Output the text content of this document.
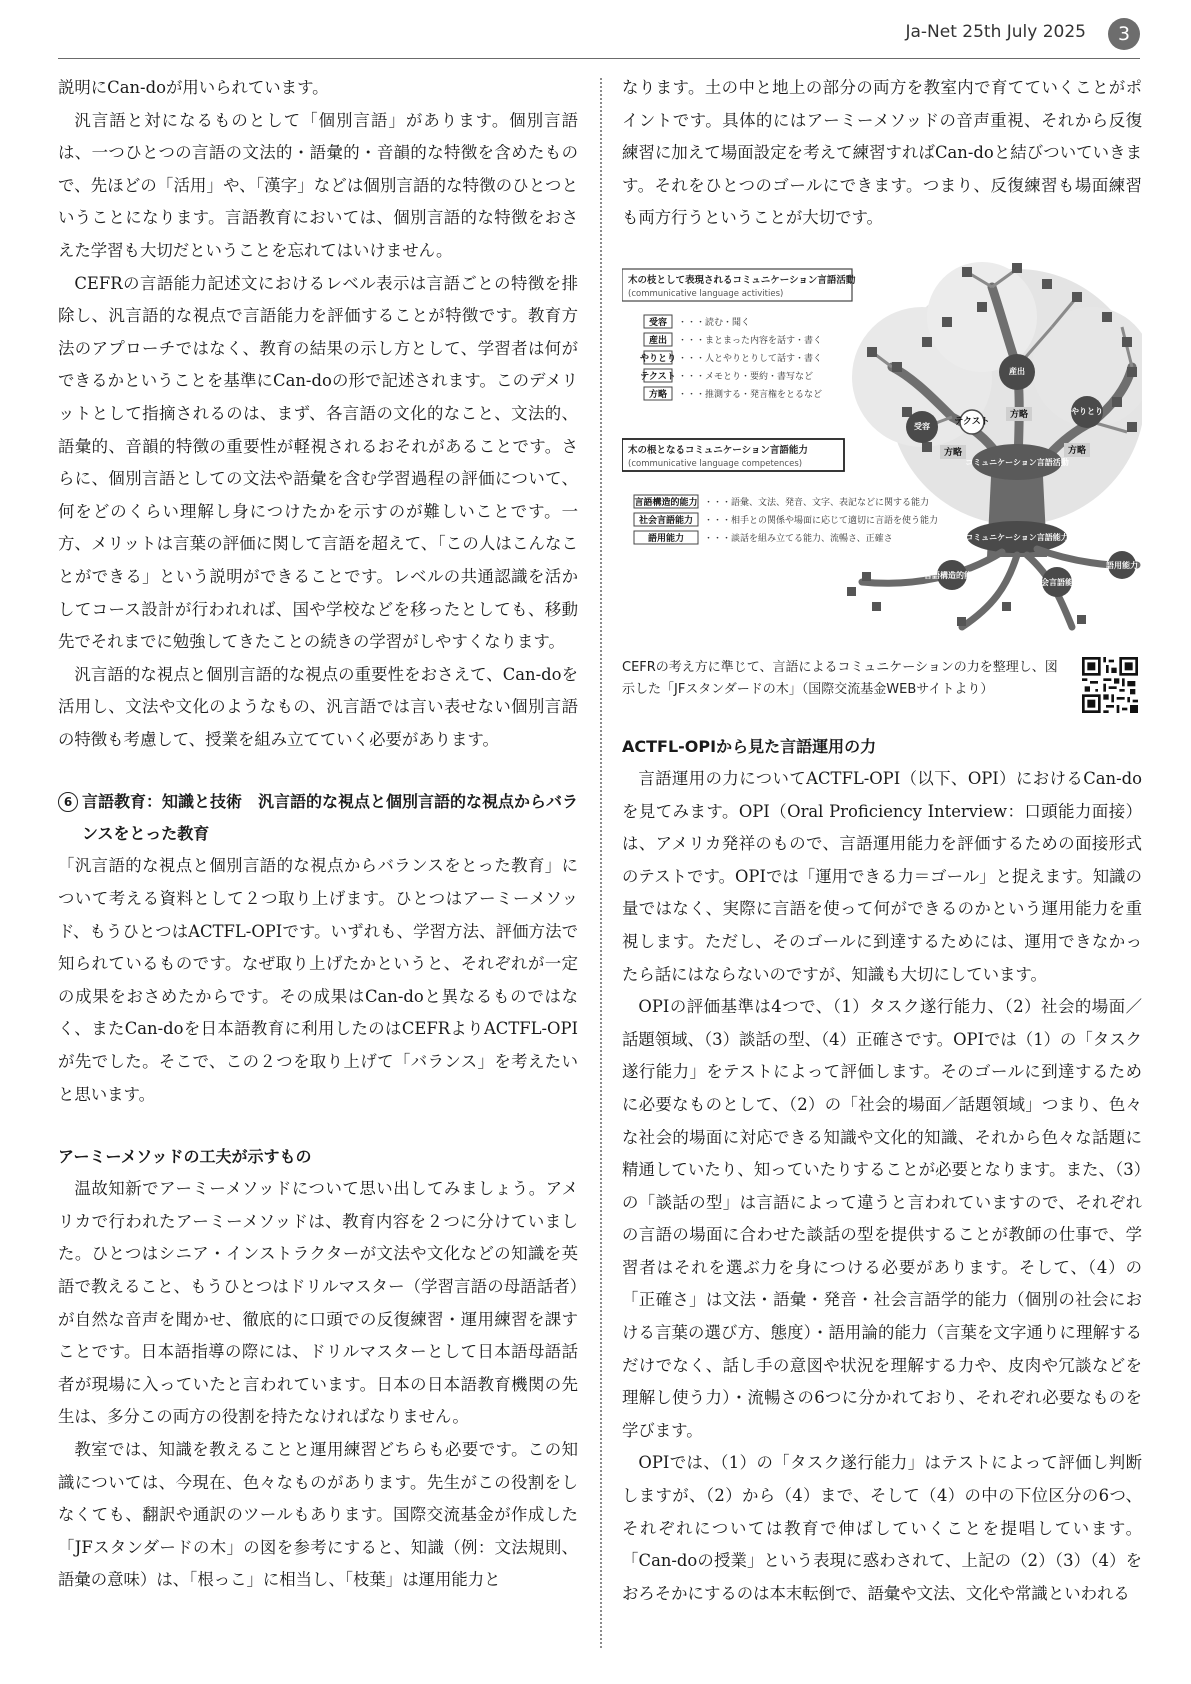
Ja-Net 25th July 2025	3

説明にCan-doが用いられています。

汎言語と対になるものとして「個別言語」があります。個別言語は、一つひとつの言語の文法的・語彙的・音韻的な特徴を含めたもので、先ほどの「活用」や、「漢字」などは個別言語的な特徴のひとつということになります。言語教育においては、個別言語的な特徴をおさえた学習も大切だということを忘れてはいけません。

CEFRの言語能力記述文におけるレベル表示は言語ごとの特徴を排除し、汎言語的な視点で言語能力を評価することが特徴です。教育方法のアプローチではなく、教育の結果の示し方として、学習者は何ができるかということを基準にCan-doの形で記述されます。このデメリットとして指摘されるのは、まず、各言語の文化的なこと、文法的、語彙的、音韻的特徴の重要性が軽視されるおそれがあることです。さらに、個別言語としての文法や語彙を含む学習過程の評価について、何をどのくらい理解し身につけたかを示すのが難しいことです。一方、メリットは言葉の評価に関して言語を超えて、「この人はこんなことができる」という説明ができることです。レベルの共通認識を活かしてコース設計が行われれば、国や学校などを移ったとしても、移動先でそれまでに勉強してきたことの続きの学習がしやすくなります。

汎言語的な視点と個別言語的な視点の重要性をおさえて、Can-doを活用し、文法や文化のようなもの、汎言語では言い表せない個別言語の特徴も考慮して、授業を組み立てていく必要があります。

6 言語教育：知識と技術　汎言語的な視点と個別言語的な視点からバランスをとった教育

「汎言語的な視点と個別言語的な視点からバランスをとった教育」について考える資料として２つ取り上げます。ひとつはアーミーメソッド、もうひとつはACTFL-OPIです。いずれも、学習方法、評価方法で知られているものです。なぜ取り上げたかというと、それぞれが一定の成果をおさめたからです。その成果はCan-doと異なるものではなく、またCan-doを日本語教育に利用したのはCEFRよりACTFL-OPIが先でした。そこで、この２つを取り上げて「バランス」を考えたいと思います。

アーミーメソッドの工夫が示すもの

温故知新でアーミーメソッドについて思い出してみましょう。アメリカで行われたアーミーメソッドは、教育内容を２つに分けていました。ひとつはシニア・インストラクターが文法や文化などの知識を英語で教えること、もうひとつはドリルマスター（学習言語の母語話者）が自然な音声を聞かせ、徹底的に口頭での反復練習・運用練習を課すことです。日本語指導の際には、ドリルマスターとして日本語母語話者が現場に入っていたと言われています。日本の日本語教育機関の先生は、多分この両方の役割を持たなければなりません。

教室では、知識を教えることと運用練習どちらも必要です。この知識については、今現在、色々なものがあります。先生がこの役割をしなくても、翻訳や通訳のツールもあります。国際交流基金が作成した「JFスタンダードの木」の図を参考にすると、知識（例：文法規則、語彙の意味）は、「根っこ」に相当し、「枝葉」は運用能力と

なります。土の中と地上の部分の両方を教室内で育てていくことがポイントです。具体的にはアーミーメソッドの音声重視、それから反復練習に加えて場面設定を考えて練習すればCan-doと結びついていきます。それをひとつのゴールにできます。つまり、反復練習も場面練習も両方行うということが大切です。

受容
産出
やりとり
テクスト
方略	方略
方略
コミュニケーション言語活動
コミュニケーション言語能力
言語構造的能力
社会言語能力
語用能力
木の枝として表現されるコミュニケーション言語活動
(communicative language activities)
受容 ・・・読む・聞く
産出 ・・・まとまった内容を話す・書く
やりとり ・・・人とやりとりして話す・書く
テクスト ・・・メモとり・要約・書写など
方略 ・・・推測する・発言権をとるなど
木の根となるコミュニケーション言語能力
(communicative language competences)
言語構造的能力 ・・・語彙、文法、発音、文字、表記などに関する能力
社会言語能力 ・・・相手との関係や場面に応じて適切に言語を使う能力
語用能力 ・・・談話を組み立てる能力、流暢さ、正確さ
CEFRの考え方に準じて、言語によるコミュニケーションの力を整理し、図示した「JFスタンダードの木」（国際交流基金WEBサイトより）
ACTFL-OPIから見た言語運用の力

言語運用の力についてACTFL-OPI（以下、OPI）におけるCan-doを見てみます。OPI（Oral Proficiency Interview：口頭能力面接）は、アメリカ発祥のもので、言語運用能力を評価するための面接形式のテストです。OPIでは「運用できる力＝ゴール」と捉えます。知識の量ではなく、実際に言語を使って何ができるのかという運用能力を重視します。ただし、そのゴールに到達するためには、運用できなかったら話にはならないのですが、知識も大切にしています。

OPIの評価基準は4つで、（1）タスク遂行能力、（2）社会的場面／話題領域、（3）談話の型、（4）正確さです。OPIでは（1）の「タスク遂行能力」をテストによって評価します。そのゴールに到達するために必要なものとして、（2）の「社会的場面／話題領域」つまり、色々な社会的場面に対応できる知識や文化的知識、それから色々な話題に精通していたり、知っていたりすることが必要となります。また、（3）の「談話の型」は言語によって違うと言われていますので、それぞれの言語の場面に合わせた談話の型を提供することが教師の仕事で、学習者はそれを選ぶ力を身につける必要があります。そして、（4）の「正確さ」は文法・語彙・発音・社会言語学的能力（個別の社会における言葉の選び方、態度）・語用論的能力（言葉を文字通りに理解するだけでなく、話し手の意図や状況を理解する力や、皮肉や冗談などを理解し使う力）・流暢さの6つに分かれており、それぞれ必要なものを学びます。

OPIでは、（1）の「タスク遂行能力」はテストによって評価し判断しますが、（2）から（4）まで、そして（4）の中の下位区分の6つ、それぞれについては教育で伸ばしていくことを提唱しています。「Can-doの授業」という表現に惑わされて、上記の（2）（3）（4）をおろそかにするのは本末転倒で、語彙や文法、文化や常識といわれる
